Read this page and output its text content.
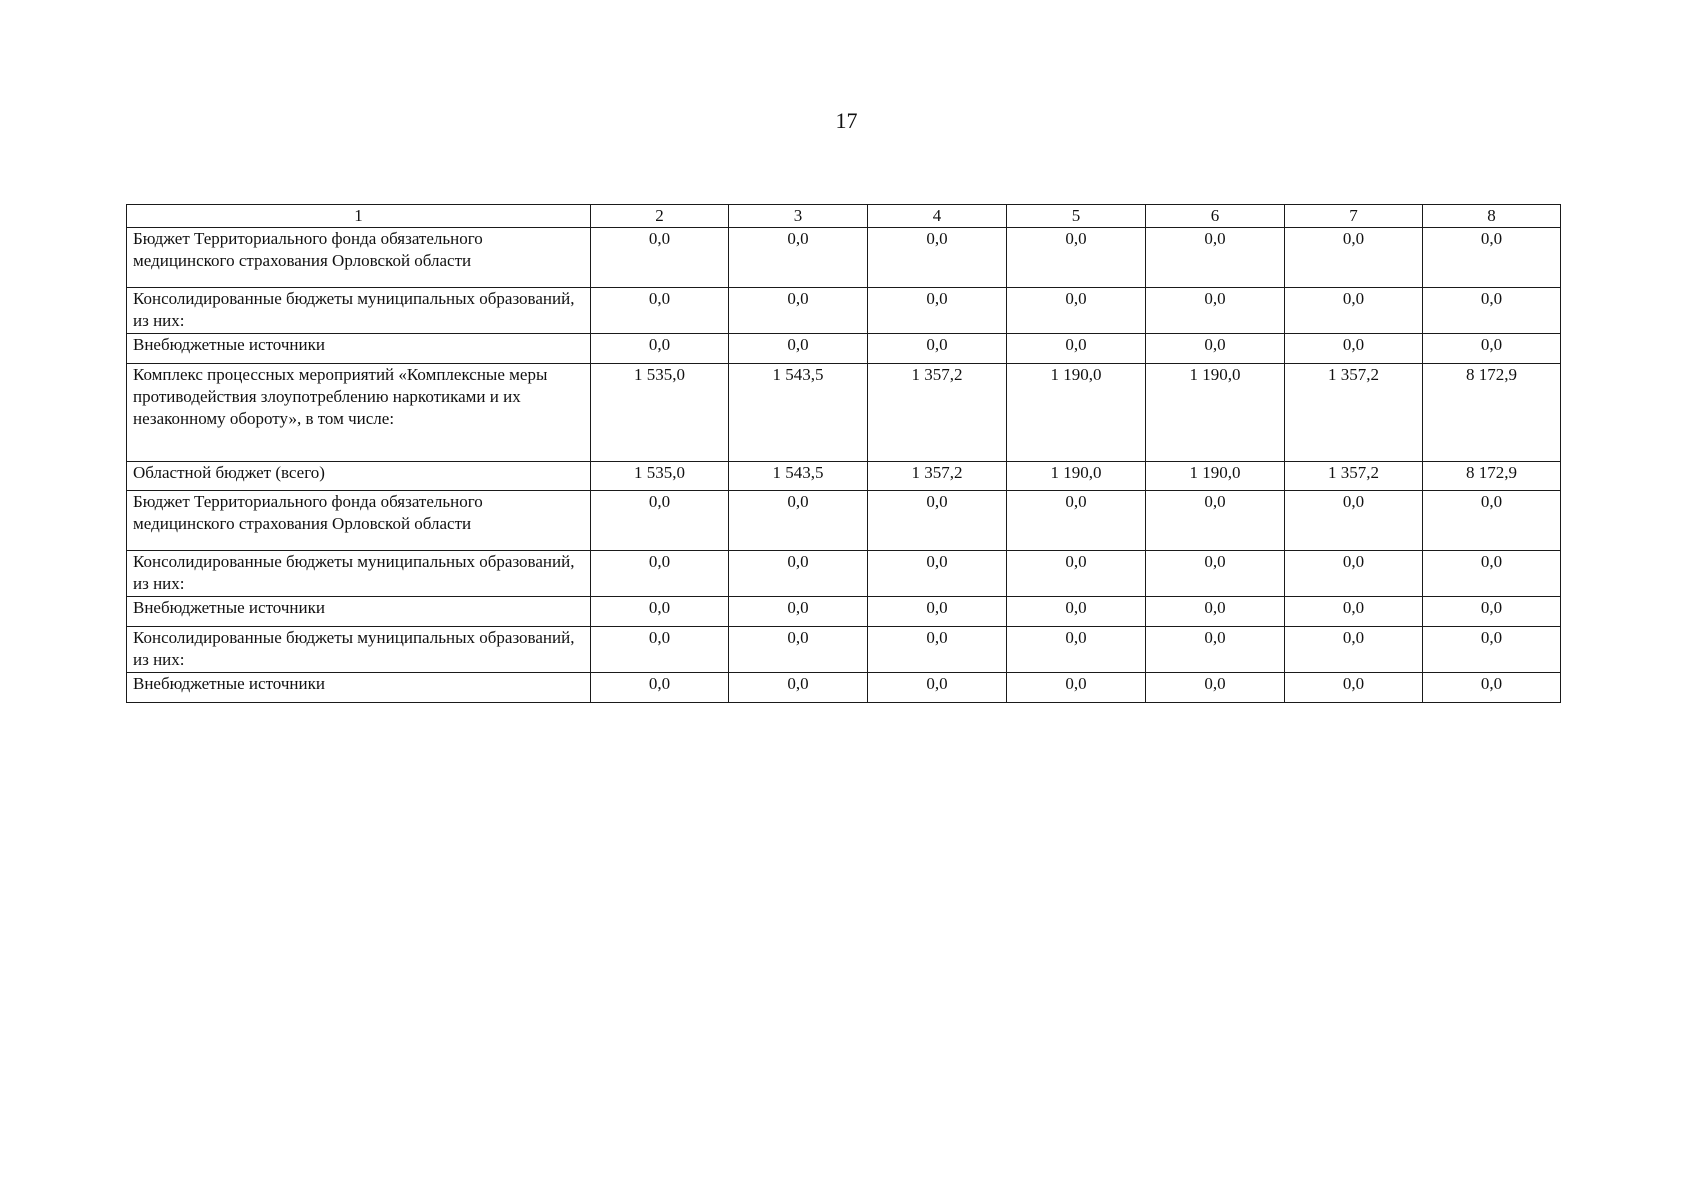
17
1	2	3	4	5	6	7	8
Бюджет Территориального фонда обязательного медицинского страхования Орловской области	0,0	0,0	0,0	0,0	0,0	0,0	0,0
Консолидированные бюджеты муниципальных образований, из них:	0,0	0,0	0,0	0,0	0,0	0,0	0,0
Внебюджетные источники	0,0	0,0	0,0	0,0	0,0	0,0	0,0
Комплекс процессных мероприятий «Комплексные меры противодействия злоупотреблению наркотиками и их незаконному обороту», в том числе:	1 535,0	1 543,5	1 357,2	1 190,0	1 190,0	1 357,2	8 172,9
Областной бюджет (всего)	1 535,0	1 543,5	1 357,2	1 190,0	1 190,0	1 357,2	8 172,9
Бюджет Территориального фонда обязательного медицинского страхования Орловской области	0,0	0,0	0,0	0,0	0,0	0,0	0,0
Консолидированные бюджеты муниципальных образований, из них:	0,0	0,0	0,0	0,0	0,0	0,0	0,0
Внебюджетные источники	0,0	0,0	0,0	0,0	0,0	0,0	0,0
Консолидированные бюджеты муниципальных образований, из них:	0,0	0,0	0,0	0,0	0,0	0,0	0,0
Внебюджетные источники	0,0	0,0	0,0	0,0	0,0	0,0	0,0
